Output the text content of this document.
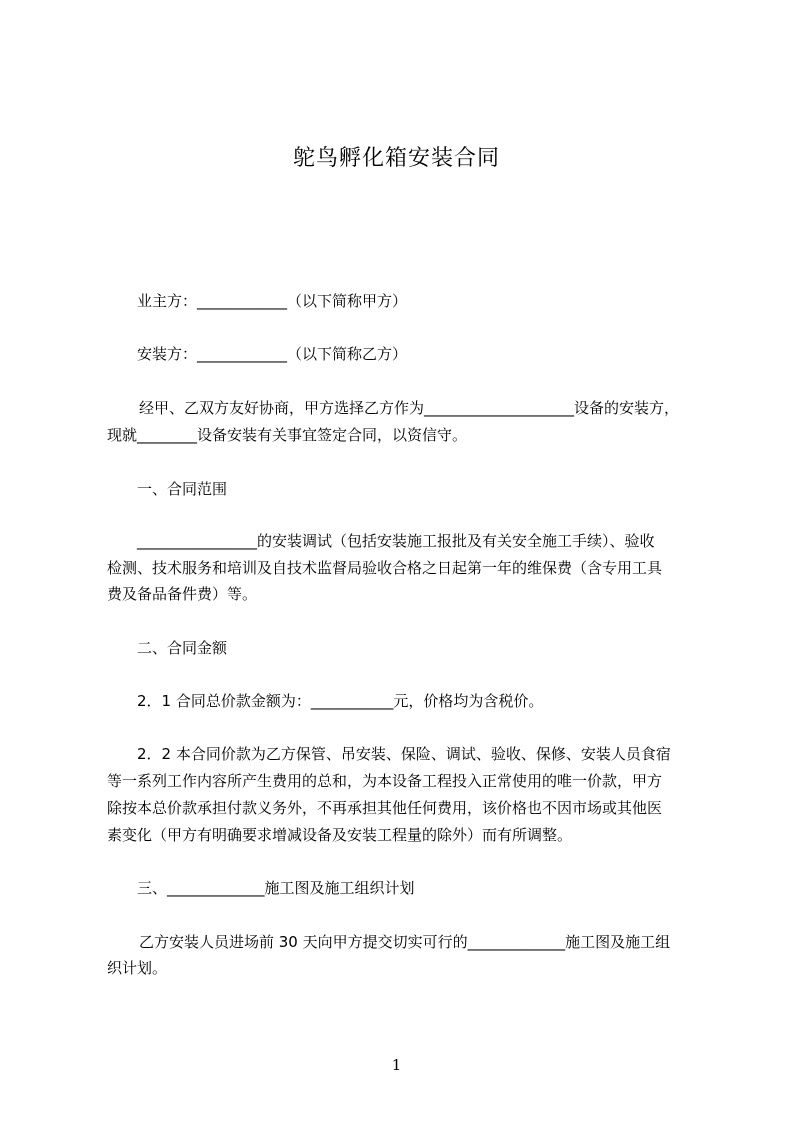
鸵鸟孵化箱安装合同
业主方：____________（以下简称甲方）
安装方：____________（以下简称乙方）
经甲、乙双方友好协商，甲方选择乙方作为____________________设备的安装方，
现就________设备安装有关事宜签定合同，以资信守。
一、合同范围
________________的安装调试（包括安装施工报批及有关安全施工手续）、验收
检测、技术服务和培训及自技术监督局验收合格之日起第一年的维保费（含专用工具
费及备品备件费）等。
二、合同金额
2．1 合同总价款金额为：___________元，价格均为含税价。
2．2 本合同价款为乙方保管、吊安装、保险、调试、验收、保修、安装人员食宿
等一系列工作内容所产生费用的总和，为本设备工程投入正常使用的唯一价款，甲方
除按本总价款承担付款义务外，不再承担其他任何费用，该价格也不因市场或其他医
素变化（甲方有明确要求增减设备及安装工程量的除外）而有所调整。
三、_____________施工图及施工组织计划
乙方安装人员进场前 30 天向甲方提交切实可行的_____________施工图及施工组
织计划。
1
